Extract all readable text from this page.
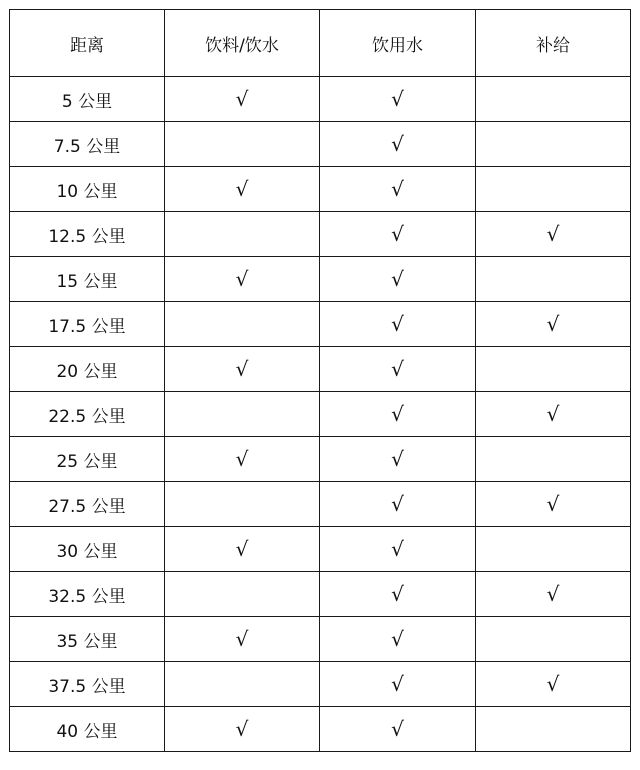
距离	饮料/饮水	饮用水	补给
5 公里	√	√	
7.5 公里		√	
10 公里	√	√	
12.5 公里		√	√
15 公里	√	√	
17.5 公里		√	√
20 公里	√	√	
22.5 公里		√	√
25 公里	√	√	
27.5 公里		√	√
30 公里	√	√	
32.5 公里		√	√
35 公里	√	√	
37.5 公里		√	√
40 公里	√	√	
